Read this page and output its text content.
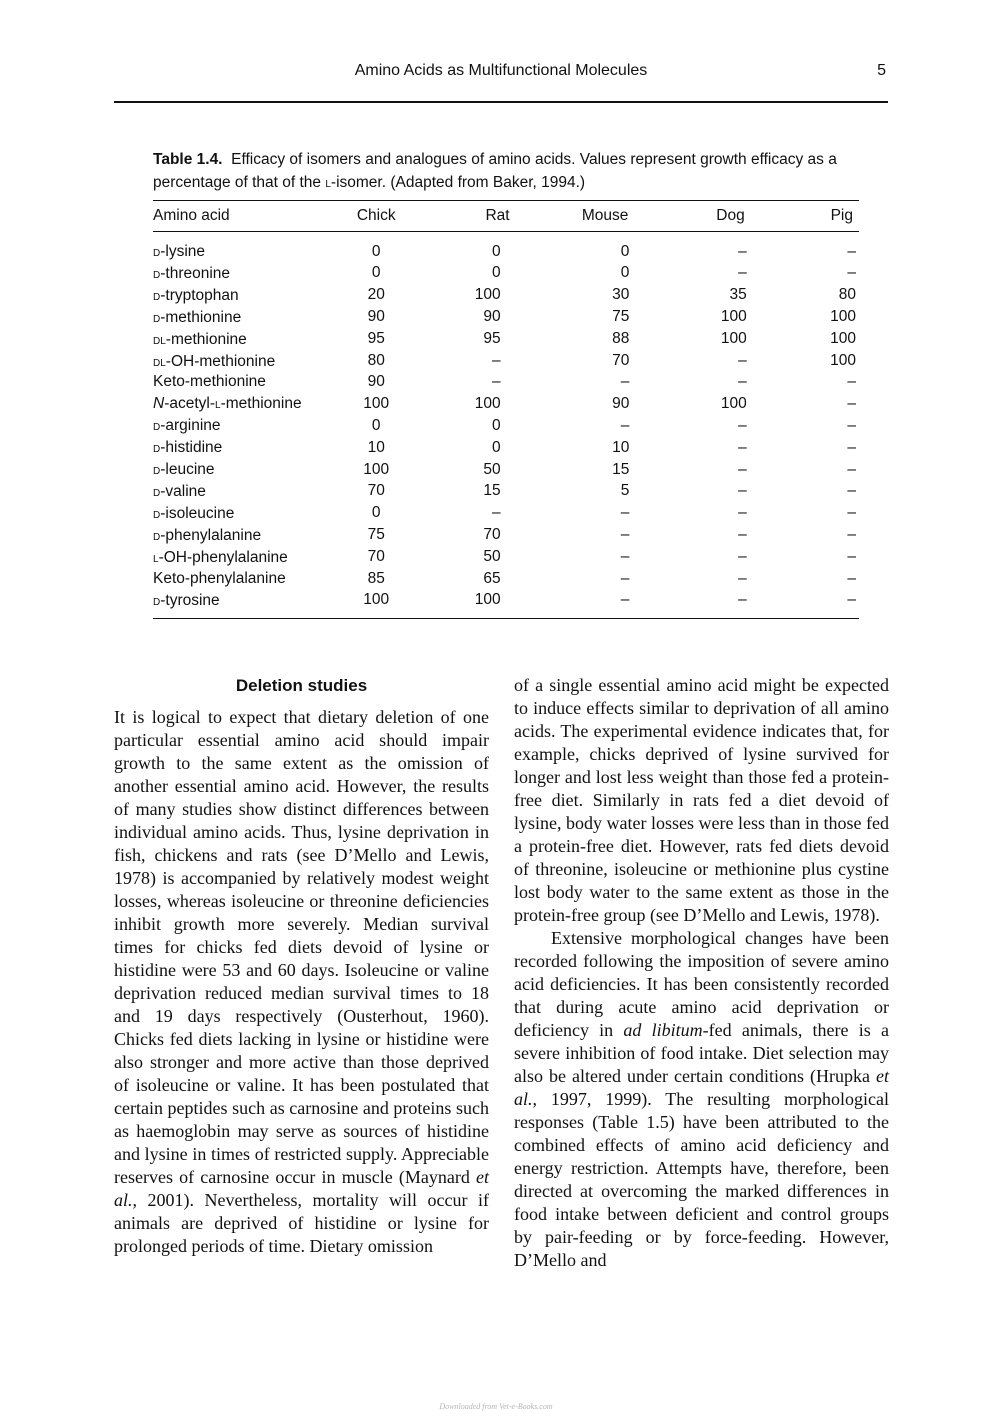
Amino Acids as Multifunctional Molecules	5
Table 1.4. Efficacy of isomers and analogues of amino acids. Values represent growth efficacy as a percentage of that of the l-isomer. (Adapted from Baker, 1994.)
Amino acid	Chick	Rat	Mouse	Dog	Pig
d-lysine	0	0	0	–	–
d-threonine	0	0	0	–	–
d-tryptophan	20	100	30	35	80
d-methionine	90	90	75	100	100
dl-methionine	95	95	88	100	100
dl-OH-methionine	80	–	70	–	100
Keto-methionine	90	–	–	–	–
N-acetyl-l-methionine	100	100	90	100	–
d-arginine	0	0	–	–	–
d-histidine	10	0	10	–	–
d-leucine	100	50	15	–	–
d-valine	70	15	5	–	–
d-isoleucine	0	–	–	–	–
d-phenylalanine	75	70	–	–	–
l-OH-phenylalanine	70	50	–	–	–
Keto-phenylalanine	85	65	–	–	–
d-tyrosine	100	100	–	–	–
Deletion studies

It is logical to expect that dietary deletion of one particular essential amino acid should impair growth to the same extent as the omission of another essential amino acid. However, the results of many studies show distinct differences between individual amino acids. Thus, lysine deprivation in fish, chickens and rats (see D’Mello and Lewis, 1978) is accompanied by relatively modest weight losses, whereas isoleucine or threonine deficiencies inhibit growth more severely. Median survival times for chicks fed diets devoid of lysine or histidine were 53 and 60 days. Isoleucine or valine deprivation reduced median survival times to 18 and 19 days respectively (Ousterhout, 1960). Chicks fed diets lacking in lysine or histidine were also stronger and more active than those deprived of isoleucine or valine. It has been postulated that certain peptides such as carnosine and proteins such as haemoglobin may serve as sources of histidine and lysine in times of restricted supply. Appreciable reserves of carnosine occur in muscle (Maynard et al., 2001). Nevertheless, mortality will occur if animals are deprived of histidine or lysine for prolonged periods of time. Dietary omission

of a single essential amino acid might be expected to induce effects similar to deprivation of all amino acids. The experimental evidence indicates that, for example, chicks deprived of lysine survived for longer and lost less weight than those fed a protein-free diet. Similarly in rats fed a diet devoid of lysine, body water losses were less than in those fed a protein-free diet. However, rats fed diets devoid of threonine, isoleucine or methionine plus cystine lost body water to the same extent as those in the protein-free group (see D’Mello and Lewis, 1978).

Extensive morphological changes have been recorded following the imposition of severe amino acid deficiencies. It has been consistently recorded that during acute amino acid deprivation or deficiency in ad libitum-fed animals, there is a severe inhibition of food intake. Diet selection may also be altered under certain conditions (Hrupka et al., 1997, 1999). The resulting morphological responses (Table 1.5) have been attributed to the combined effects of amino acid deficiency and energy restriction. Attempts have, therefore, been directed at overcoming the marked differences in food intake between deficient and control groups by pair-feeding or by force-feeding. However, D’Mello and

Downloaded from Vet-e-Books.com
